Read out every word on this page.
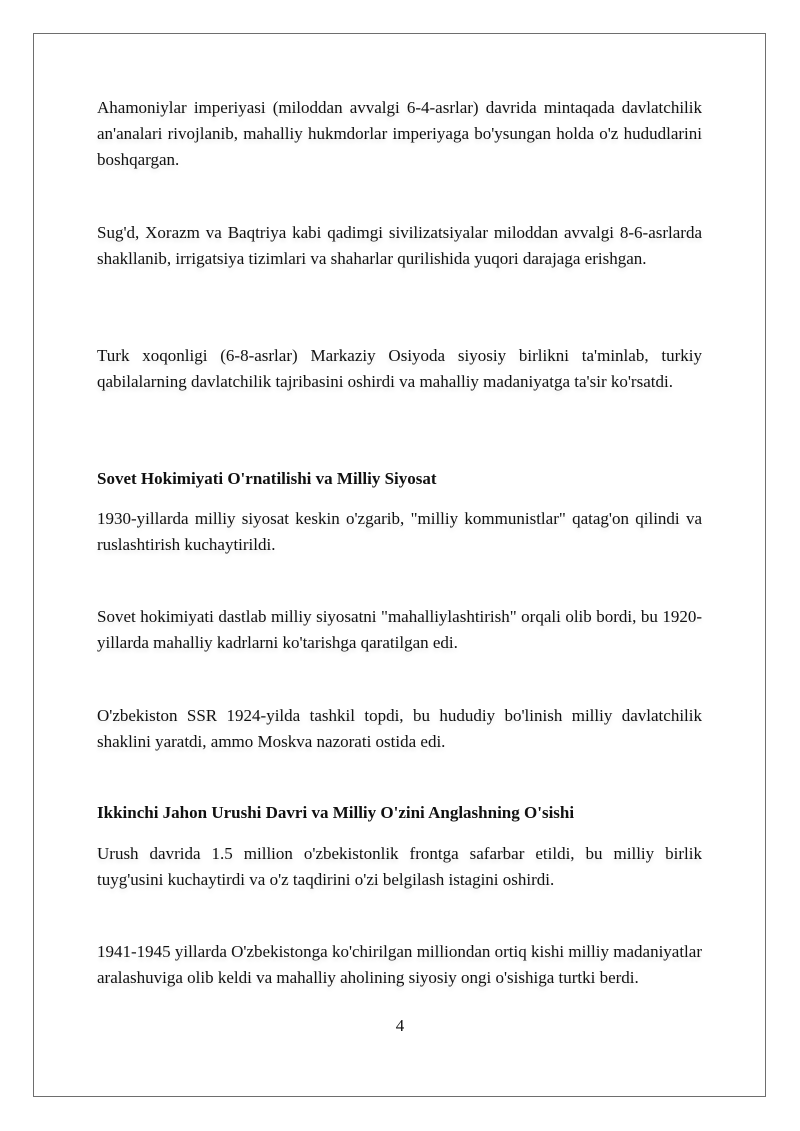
Ahamoniylar imperiyasi (miloddan avvalgi 6-4-asrlar) davrida mintaqada davlatchilik an'analari rivojlanib, mahalliy hukmdorlar imperiyaga bo'ysungan holda o'z hududlarini boshqargan.

Sug'd, Xorazm va Baqtriya kabi qadimgi sivilizatsiyalar miloddan avvalgi 8-6-asrlarda shakllanib, irrigatsiya tizimlari va shaharlar qurilishida yuqori darajaga erishgan.

Turk xoqonligi (6-8-asrlar) Markaziy Osiyoda siyosiy birlikni ta'minlab, turkiy qabilalarning davlatchilik tajribasini oshirdi va mahalliy madaniyatga ta'sir ko'rsatdi.

Sovet Hokimiyati O'rnatilishi va Milliy Siyosat

1930-yillarda milliy siyosat keskin o'zgarib, "milliy kommunistlar" qatag'on qilindi va ruslashtirish kuchaytirildi.

Sovet hokimiyati dastlab milliy siyosatni "mahalliylashtirish" orqali olib bordi, bu 1920-yillarda mahalliy kadrlarni ko'tarishga qaratilgan edi.

O'zbekiston SSR 1924-yilda tashkil topdi, bu hududiy bo'linish milliy davlatchilik shaklini yaratdi, ammo Moskva nazorati ostida edi.

Ikkinchi Jahon Urushi Davri va Milliy O'zini Anglashning O'sishi

Urush davrida 1.5 million o'zbekistonlik frontga safarbar etildi, bu milliy birlik tuyg'usini kuchaytirdi va o'z taqdirini o'zi belgilash istagini oshirdi.

1941-1945 yillarda O'zbekistonga ko'chirilgan milliondan ortiq kishi milliy madaniyatlar aralashuviga olib keldi va mahalliy aholining siyosiy ongi o'sishiga turtki berdi.

4
